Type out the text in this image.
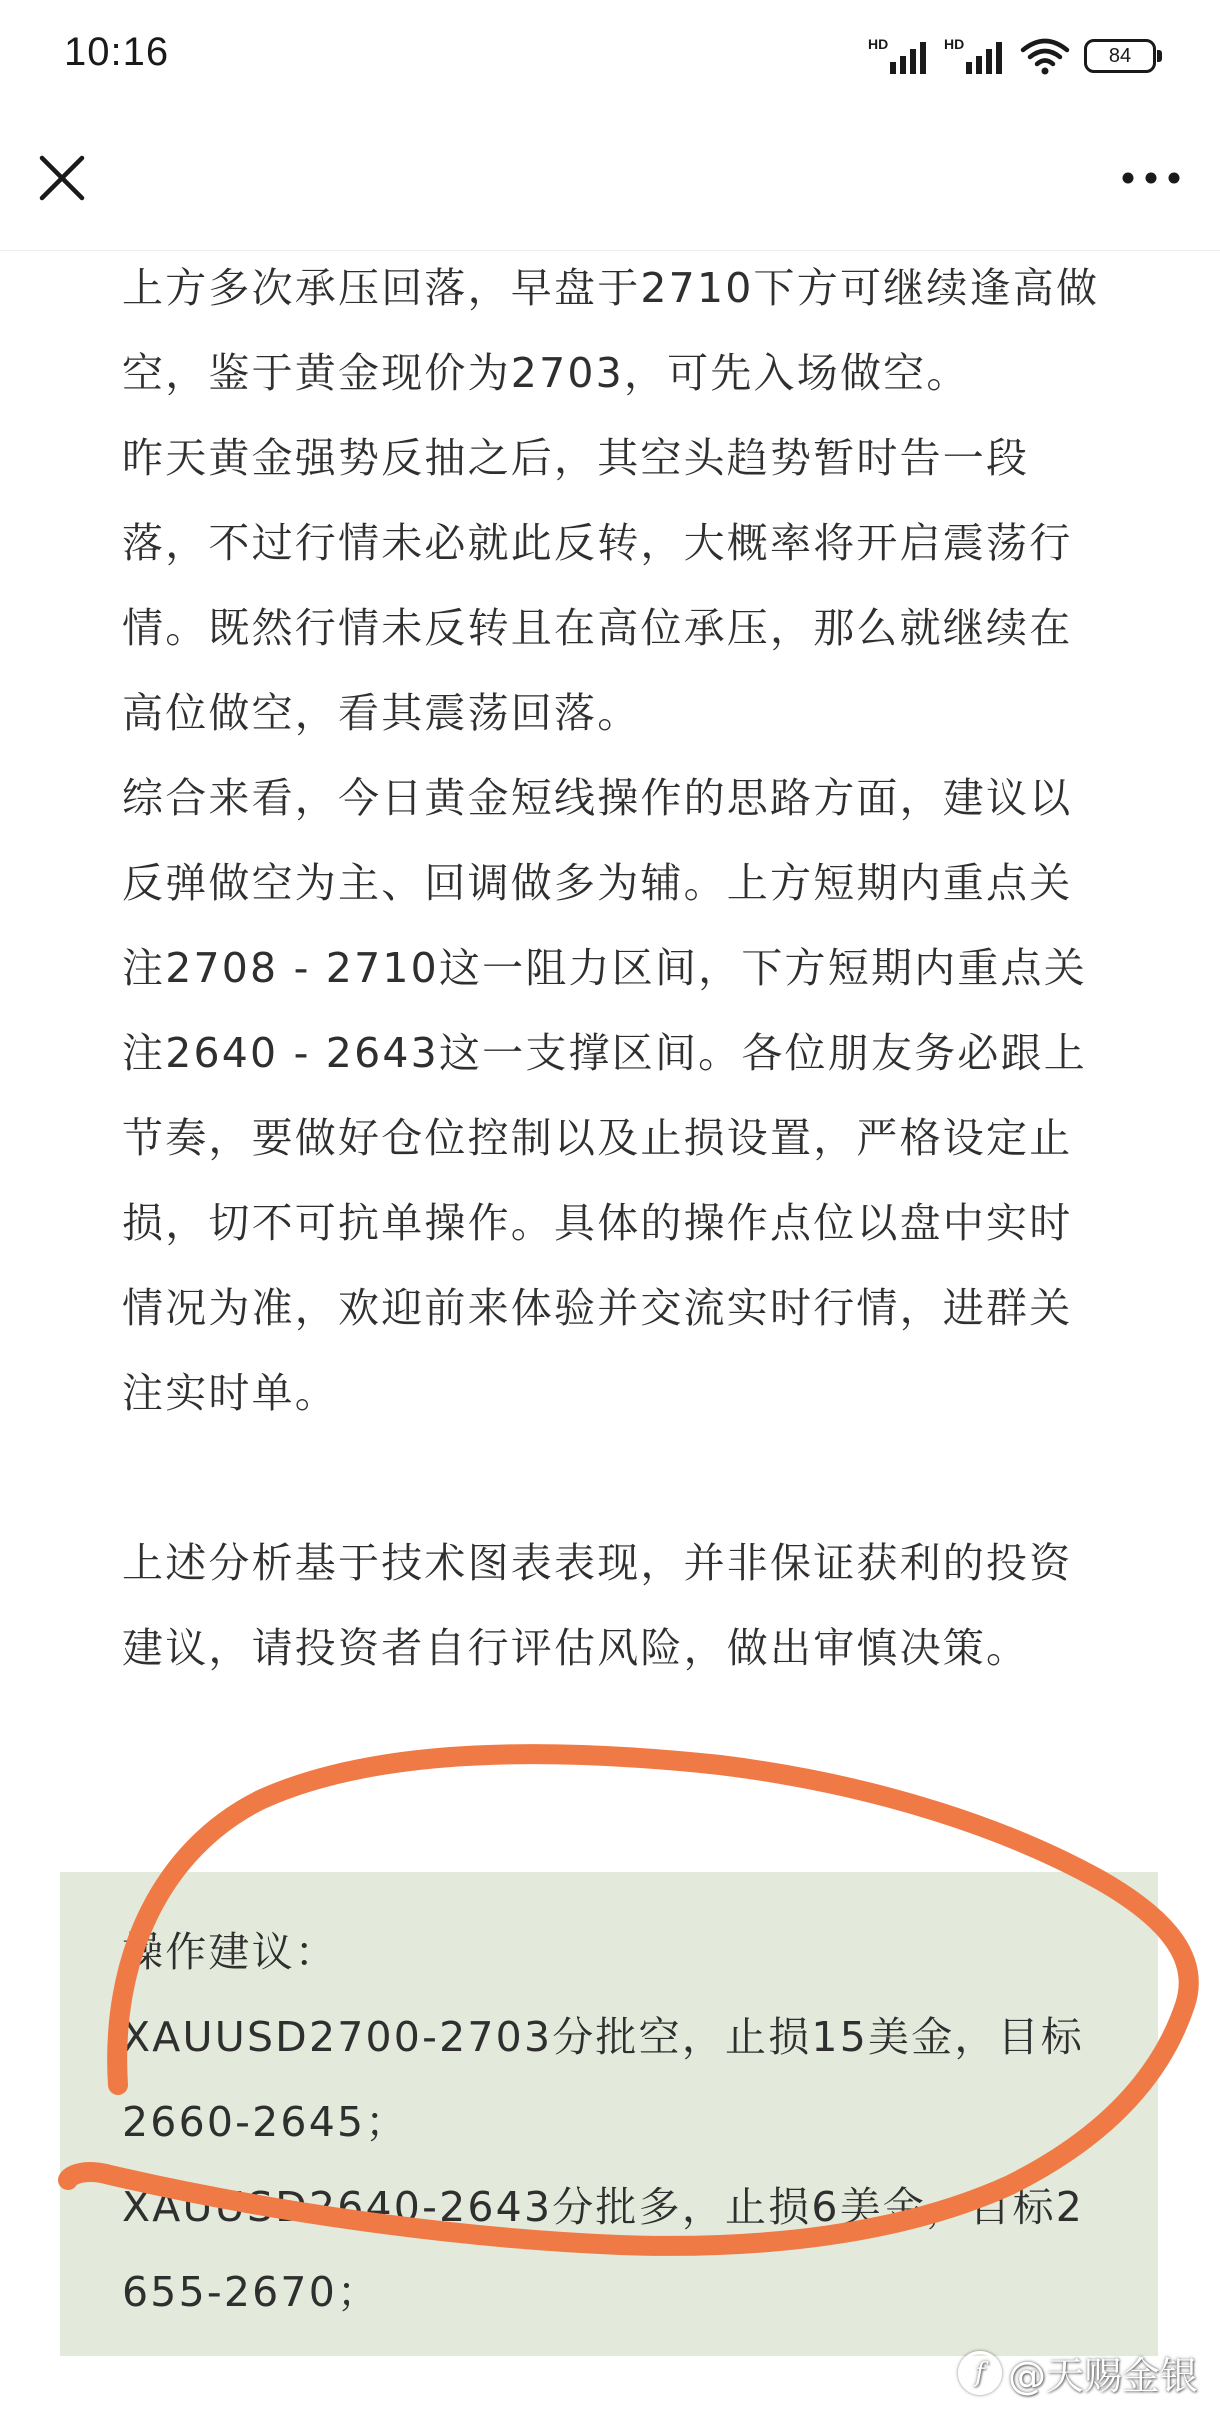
10:16	HD	HD
84

上方多次承压回落，早盘于2710下方可继续逢高做空，鉴于黄金现价为2703，可先入场做空。

昨天黄金强势反抽之后，其空头趋势暂时告一段落，不过行情未必就此反转，大概率将开启震荡行情。既然行情未反转且在高位承压，那么就继续在高位做空，看其震荡回落。

综合来看，今日黄金短线操作的思路方面，建议以反弹做空为主、回调做多为辅。上方短期内重点关注2708 - 2710这一阻力区间，下方短期内重点关注2640 - 2643这一支撑区间。各位朋友务必跟上节奏，要做好仓位控制以及止损设置，严格设定止损，切不可抗单操作。具体的操作点位以盘中实时情况为准，欢迎前来体验并交流实时行情，进群关注实时单。

上述分析基于技术图表表现，并非保证获利的投资建议，请投资者自行评估风险，做出审慎决策。

操作建议：

XAUUSD2700-2703分批空，止损15美金，目标2660-2645；

XAUUSD2640-2643分批多，止损6美金，目标2655-2670；

f @天赐金银
